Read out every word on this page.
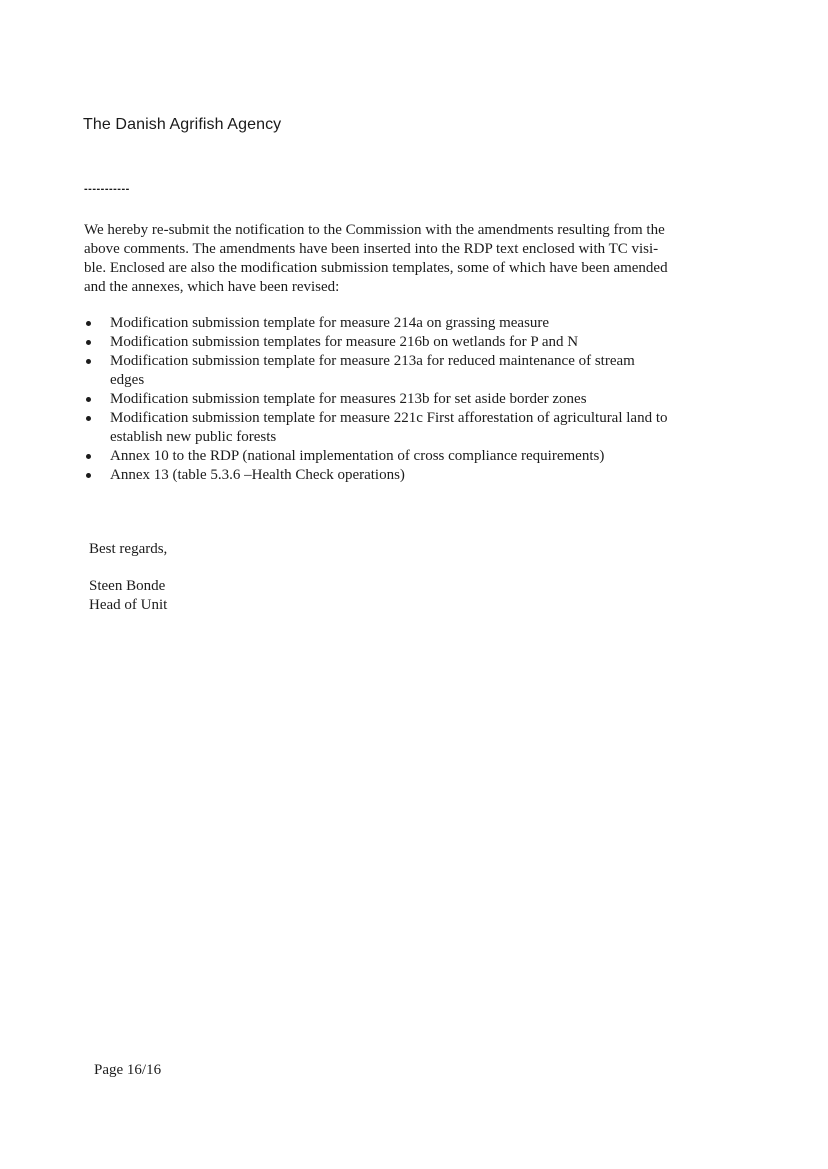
The Danish Agrifish Agency
-----------

We hereby re-submit the notification to the Commission with the amendments resulting from the
above comments. The amendments have been inserted into the RDP text enclosed with TC visi-
ble. Enclosed are also the modification submission templates, some of which have been amended
and the annexes, which have been revised:

Modification submission template for measure 214a on grassing measure
Modification submission templates for measure 216b on wetlands for P and N
Modification submission template for measure 213a for reduced maintenance of stream
edges
Modification submission template for measures 213b for set aside border zones
Modification submission template for measure 221c First afforestation of agricultural land to
establish new public forests
Annex 10 to the RDP (national implementation of cross compliance requirements)
Annex 13 (table 5.3.6 –Health Check operations)
Best regards,
Steen Bonde
Head of Unit
Page 16/16
